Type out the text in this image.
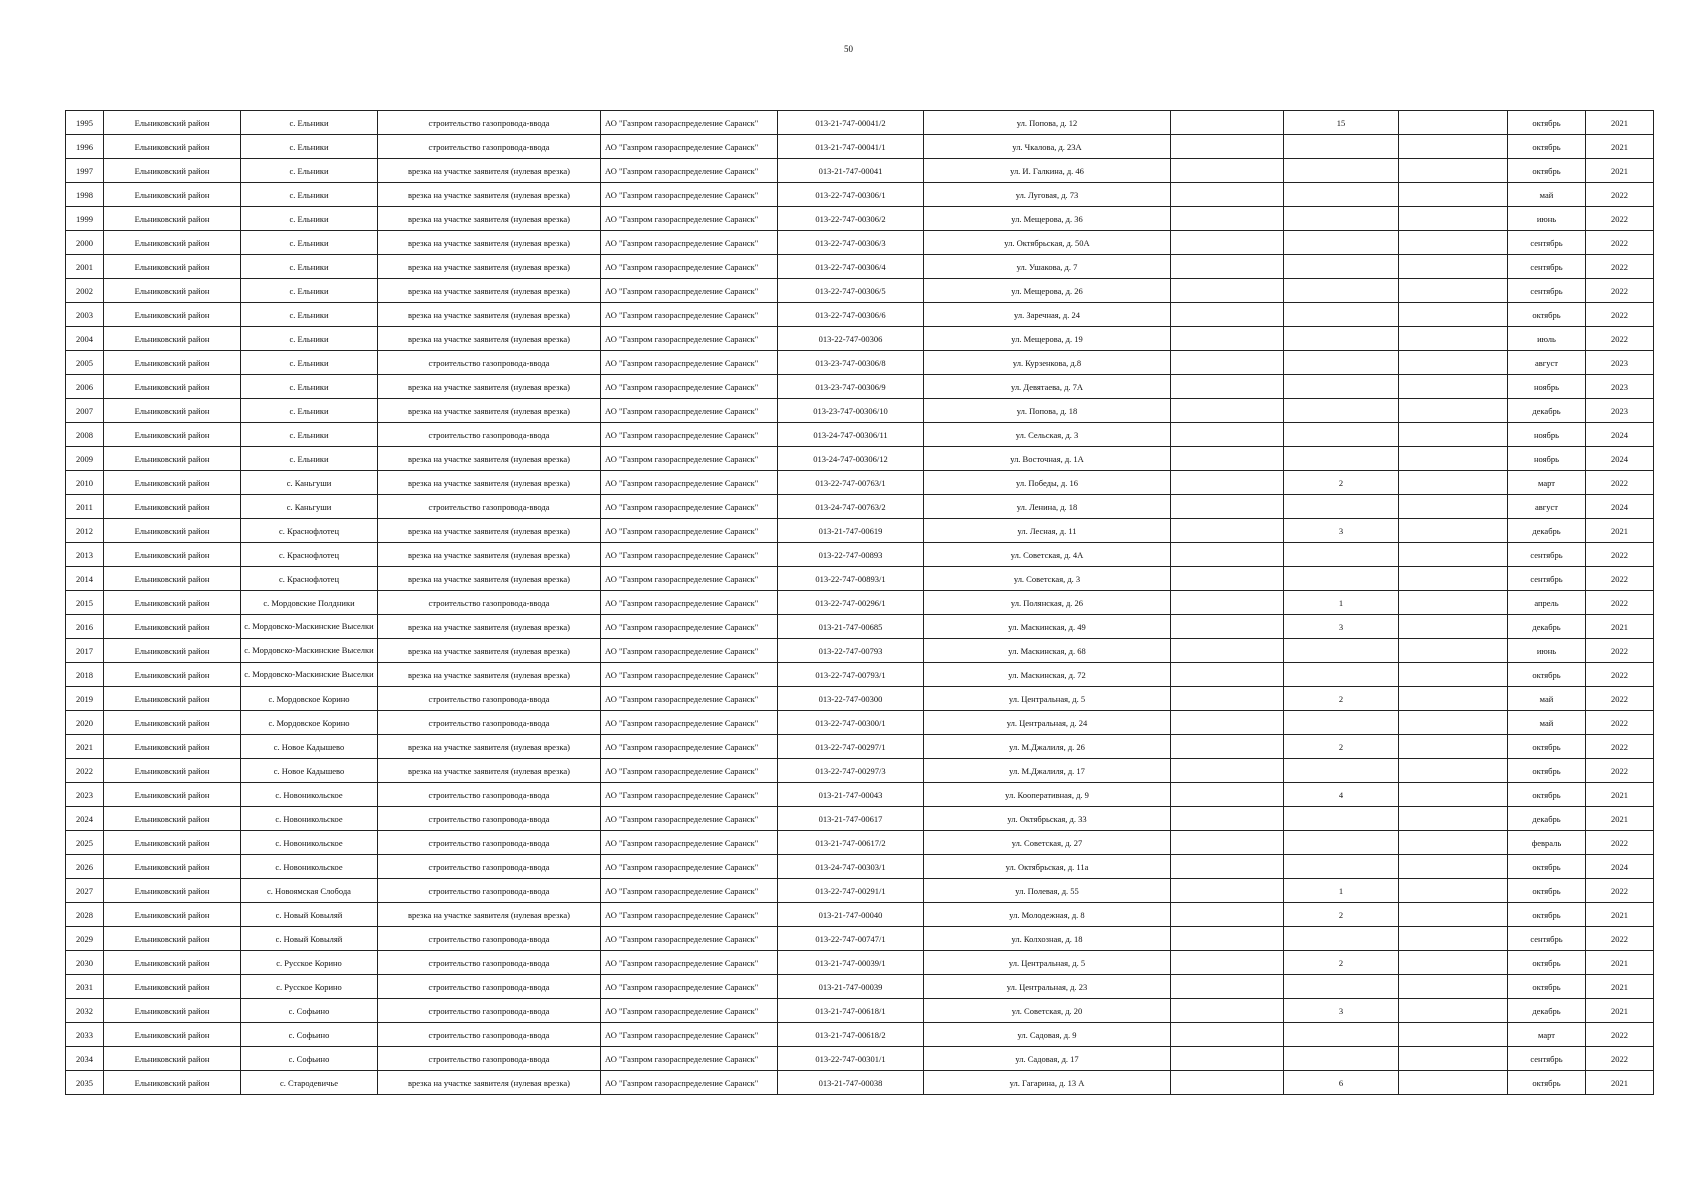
50
1995	Ельниковский район	с. Ельники	строительство газопровода-ввода	АО "Газпром газораспределение Саранск"	013-21-747-00041/2	ул. Попова, д. 12		15		октябрь	2021
1996	Ельниковский район	с. Ельники	строительство газопровода-ввода	АО "Газпром газораспределение Саранск"	013-21-747-00041/1	ул. Чкалова, д. 23А				октябрь	2021
1997	Ельниковский район	с. Ельники	врезка на участке заявителя (нулевая врезка)	АО "Газпром газораспределение Саранск"	013-21-747-00041	ул. И. Галкина, д. 46				октябрь	2021
1998	Ельниковский район	с. Ельники	врезка на участке заявителя (нулевая врезка)	АО "Газпром газораспределение Саранск"	013-22-747-00306/1	ул. Луговая, д. 73				май	2022
1999	Ельниковский район	с. Ельники	врезка на участке заявителя (нулевая врезка)	АО "Газпром газораспределение Саранск"	013-22-747-00306/2	ул. Мещерова, д. 36				июнь	2022
2000	Ельниковский район	с. Ельники	врезка на участке заявителя (нулевая врезка)	АО "Газпром газораспределение Саранск"	013-22-747-00306/3	ул. Октябрьская, д. 50А				сентябрь	2022
2001	Ельниковский район	с. Ельники	врезка на участке заявителя (нулевая врезка)	АО "Газпром газораспределение Саранск"	013-22-747-00306/4	ул. Ушакова, д. 7				сентябрь	2022
2002	Ельниковский район	с. Ельники	врезка на участке заявителя (нулевая врезка)	АО "Газпром газораспределение Саранск"	013-22-747-00306/5	ул. Мещерова, д. 26				сентябрь	2022
2003	Ельниковский район	с. Ельники	врезка на участке заявителя (нулевая врезка)	АО "Газпром газораспределение Саранск"	013-22-747-00306/6	ул. Заречная, д. 24				октябрь	2022
2004	Ельниковский район	с. Ельники	врезка на участке заявителя (нулевая врезка)	АО "Газпром газораспределение Саранск"	013-22-747-00306	ул. Мещерова, д. 19				июль	2022
2005	Ельниковский район	с. Ельники	строительство газопровода-ввода	АО "Газпром газораспределение Саранск"	013-23-747-00306/8	ул. Курзенкова, д.8				август	2023
2006	Ельниковский район	с. Ельники	врезка на участке заявителя (нулевая врезка)	АО "Газпром газораспределение Саранск"	013-23-747-00306/9	ул. Девятаева, д. 7А				ноябрь	2023
2007	Ельниковский район	с. Ельники	врезка на участке заявителя (нулевая врезка)	АО "Газпром газораспределение Саранск"	013-23-747-00306/10	ул. Попова, д. 18				декабрь	2023
2008	Ельниковский район	с. Ельники	строительство газопровода-ввода	АО "Газпром газораспределение Саранск"	013-24-747-00306/11	ул. Сельская, д. 3				ноябрь	2024
2009	Ельниковский район	с. Ельники	врезка на участке заявителя (нулевая врезка)	АО "Газпром газораспределение Саранск"	013-24-747-00306/12	ул. Восточная, д. 1А				ноябрь	2024
2010	Ельниковский район	с. Каньгуши	врезка на участке заявителя (нулевая врезка)	АО "Газпром газораспределение Саранск"	013-22-747-00763/1	ул. Победы, д. 16		2		март	2022
2011	Ельниковский район	с. Каньгуши	строительство газопровода-ввода	АО "Газпром газораспределение Саранск"	013-24-747-00763/2	ул. Ленина, д. 18				август	2024
2012	Ельниковский район	с. Краснофлотец	врезка на участке заявителя (нулевая врезка)	АО "Газпром газораспределение Саранск"	013-21-747-00619	ул. Лесная, д. 11		3		декабрь	2021
2013	Ельниковский район	с. Краснофлотец	врезка на участке заявителя (нулевая врезка)	АО "Газпром газораспределение Саранск"	013-22-747-00893	ул. Советская, д. 4А				сентябрь	2022
2014	Ельниковский район	с. Краснофлотец	врезка на участке заявителя (нулевая врезка)	АО "Газпром газораспределение Саранск"	013-22-747-00893/1	ул. Советская, д. 3				сентябрь	2022
2015	Ельниковский район	с. Мордовские Полдники	строительство газопровода-ввода	АО "Газпром газораспределение Саранск"	013-22-747-00296/1	ул. Полянская, д. 26		1		апрель	2022
2016	Ельниковский район	с. Мордовско-Маскинские Выселки	врезка на участке заявителя (нулевая врезка)	АО "Газпром газораспределение Саранск"	013-21-747-00685	ул. Маскинская, д. 49		3		декабрь	2021
2017	Ельниковский район	с. Мордовско-Маскинские Выселки	врезка на участке заявителя (нулевая врезка)	АО "Газпром газораспределение Саранск"	013-22-747-00793	ул. Маскинская, д. 68				июнь	2022
2018	Ельниковский район	с. Мордовско-Маскинские Выселки	врезка на участке заявителя (нулевая врезка)	АО "Газпром газораспределение Саранск"	013-22-747-00793/1	ул. Маскинская, д. 72				октябрь	2022
2019	Ельниковский район	с. Мордовское Корино	строительство газопровода-ввода	АО "Газпром газораспределение Саранск"	013-22-747-00300	ул. Центральная, д. 5		2		май	2022
2020	Ельниковский район	с. Мордовское Корино	строительство газопровода-ввода	АО "Газпром газораспределение Саранск"	013-22-747-00300/1	ул. Центральная, д. 24				май	2022
2021	Ельниковский район	с. Новое Кадышево	врезка на участке заявителя (нулевая врезка)	АО "Газпром газораспределение Саранск"	013-22-747-00297/1	ул. М.Джалиля, д. 26		2		октябрь	2022
2022	Ельниковский район	с. Новое Кадышево	врезка на участке заявителя (нулевая врезка)	АО "Газпром газораспределение Саранск"	013-22-747-00297/3	ул. М.Джалиля, д. 17				октябрь	2022
2023	Ельниковский район	с. Новоникольское	строительство газопровода-ввода	АО "Газпром газораспределение Саранск"	013-21-747-00043	ул. Кооперативная, д. 9		4		октябрь	2021
2024	Ельниковский район	с. Новоникольское	строительство газопровода-ввода	АО "Газпром газораспределение Саранск"	013-21-747-00617	ул. Октябрьская, д. 33				декабрь	2021
2025	Ельниковский район	с. Новоникольское	строительство газопровода-ввода	АО "Газпром газораспределение Саранск"	013-21-747-00617/2	ул. Советская, д. 27				февраль	2022
2026	Ельниковский район	с. Новоникольское	строительство газопровода-ввода	АО "Газпром газораспределение Саранск"	013-24-747-00303/1	ул. Октябрьская, д. 11а				октябрь	2024
2027	Ельниковский район	с. Новоямская Слобода	строительство газопровода-ввода	АО "Газпром газораспределение Саранск"	013-22-747-00291/1	ул. Полевая, д. 55		1		октябрь	2022
2028	Ельниковский район	с. Новый Ковыляй	врезка на участке заявителя (нулевая врезка)	АО "Газпром газораспределение Саранск"	013-21-747-00040	ул. Молодежная, д. 8		2		октябрь	2021
2029	Ельниковский район	с. Новый Ковыляй	строительство газопровода-ввода	АО "Газпром газораспределение Саранск"	013-22-747-00747/1	ул. Колхозная, д. 18				сентябрь	2022
2030	Ельниковский район	с. Русское Корино	строительство газопровода-ввода	АО "Газпром газораспределение Саранск"	013-21-747-00039/1	ул. Центральная, д. 5		2		октябрь	2021
2031	Ельниковский район	с. Русское Корино	строительство газопровода-ввода	АО "Газпром газораспределение Саранск"	013-21-747-00039	ул. Центральная, д. 23				октябрь	2021
2032	Ельниковский район	с. Софьино	строительство газопровода-ввода	АО "Газпром газораспределение Саранск"	013-21-747-00618/1	ул. Советская, д. 20		3		декабрь	2021
2033	Ельниковский район	с. Софьино	строительство газопровода-ввода	АО "Газпром газораспределение Саранск"	013-21-747-00618/2	ул. Садовая, д. 9				март	2022
2034	Ельниковский район	с. Софьино	строительство газопровода-ввода	АО "Газпром газораспределение Саранск"	013-22-747-00301/1	ул. Садовая, д. 17				сентябрь	2022
2035	Ельниковский район	с. Стародевичье	врезка на участке заявителя (нулевая врезка)	АО "Газпром газораспределение Саранск"	013-21-747-00038	ул. Гагарина, д. 13 А		6		октябрь	2021
